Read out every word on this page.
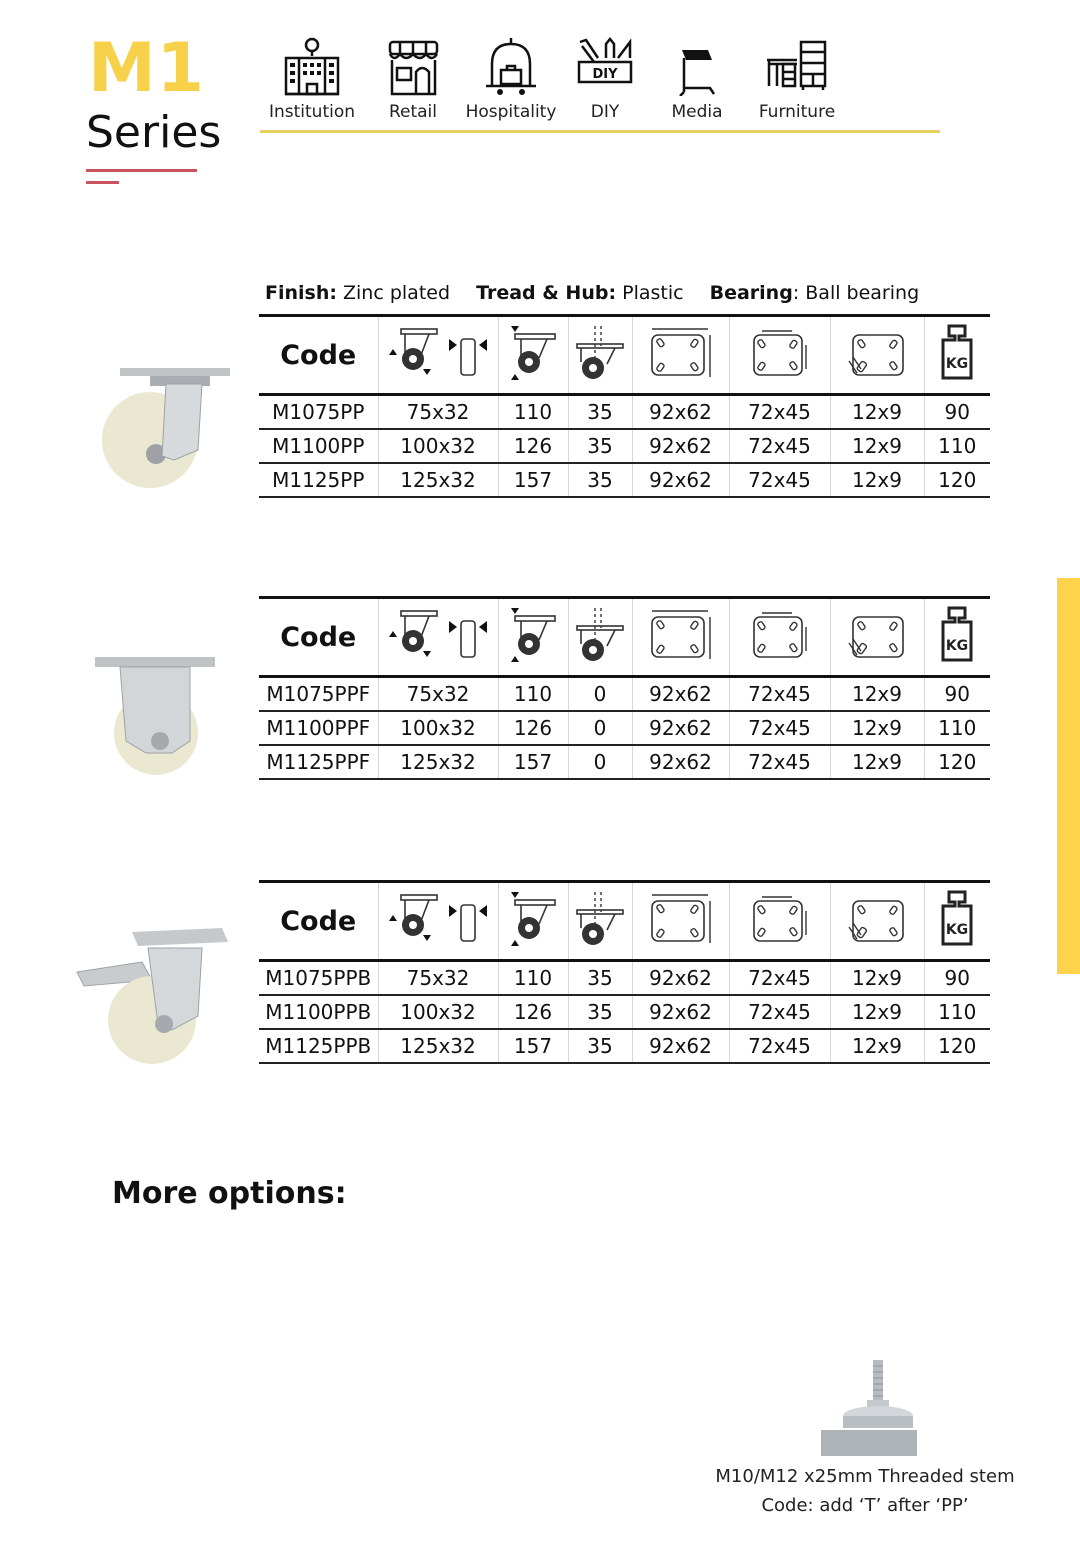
M1
Series	Institution	Retail	Hospitality
DIY
DIY	Media	Furniture
Finish: Zinc plated Tread & Hub: Plastic Bearing: Ball bearing
Code							KG

M1075PP	75x32	110	35	92x62	72x45	12x9	90
M1100PP	100x32	126	35	92x62	72x45	12x9	110
M1125PP	125x32	157	35	92x62	72x45	12x9	120
Code							KG

M1075PPF	75x32	110	0	92x62	72x45	12x9	90
M1100PPF	100x32	126	0	92x62	72x45	12x9	110
M1125PPF	125x32	157	0	92x62	72x45	12x9	120
Code							KG

M1075PPB	75x32	110	35	92x62	72x45	12x9	90
M1100PPB	100x32	126	35	92x62	72x45	12x9	110
M1125PPB	125x32	157	35	92x62	72x45	12x9	120
More options:
M10/M12 x25mm Threaded stem
Code: add ‘T’ after ‘PP’
